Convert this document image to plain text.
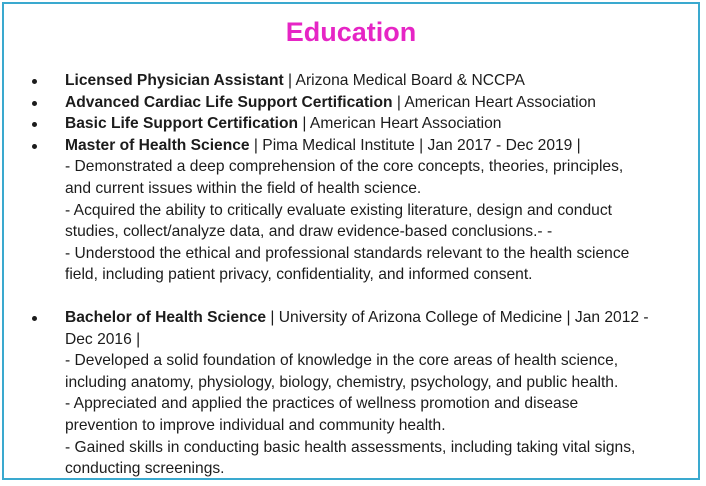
Education
Licensed Physician Assistant | Arizona Medical Board & NCCPA
Advanced Cardiac Life Support Certification | American Heart Association
Basic Life Support Certification | American Heart Association
Master of Health Science | Pima Medical Institute | Jan 2017 - Dec 2019 |
- Demonstrated a deep comprehension of the core concepts, theories, principles,
and current issues within the field of health science.
- Acquired the ability to critically evaluate existing literature, design and conduct
studies, collect/analyze data, and draw evidence-based conclusions.- -
- Understood the ethical and professional standards relevant to the health science
field, including patient privacy, confidentiality, and informed consent.
Bachelor of Health Science | University of Arizona College of Medicine | Jan 2012 -
Dec 2016 |
- Developed a solid foundation of knowledge in the core areas of health science,
including anatomy, physiology, biology, chemistry, psychology, and public health.
- Appreciated and applied the practices of wellness promotion and disease
prevention to improve individual and community health.
- Gained skills in conducting basic health assessments, including taking vital signs,
conducting screenings.
